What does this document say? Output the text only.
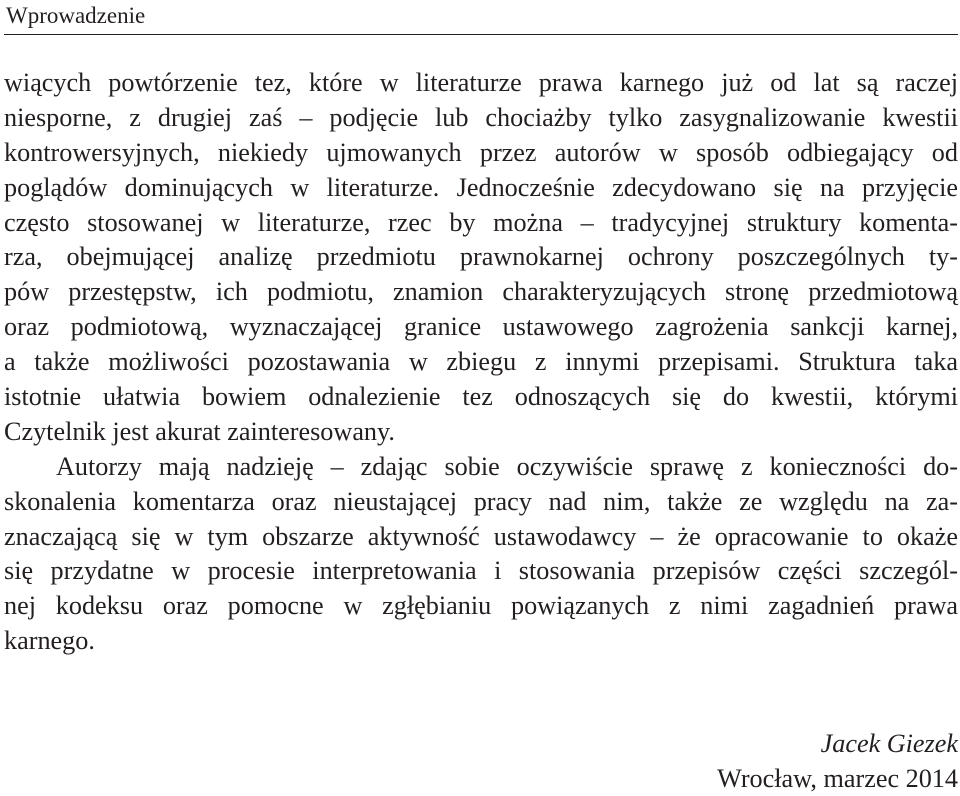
Wprowadzenie
wiących powtórzenie tez, które w literaturze prawa karnego już od lat są raczej
niesporne, z drugiej zaś – podjęcie lub chociażby tylko zasygnalizowanie kwestii
kontrowersyjnych, niekiedy ujmowanych przez autorów w sposób odbiegający od
poglądów dominujących w literaturze. Jednocześnie zdecydowano się na przyjęcie
często stosowanej w literaturze, rzec by można – tradycyjnej struktury komenta-
rza, obejmującej analizę przedmiotu prawnokarnej ochrony poszczególnych ty-
pów przestępstw, ich podmiotu, znamion charakteryzujących stronę przedmiotową
oraz podmiotową, wyznaczającej granice ustawowego zagrożenia sankcji karnej,
a także możliwości pozostawania w zbiegu z innymi przepisami. Struktura taka
istotnie ułatwia bowiem odnalezienie tez odnoszących się do kwestii, którymi
Czytelnik jest akurat zainteresowany.
Autorzy mają nadzieję – zdając sobie oczywiście sprawę z konieczności do-
skonalenia komentarza oraz nieustającej pracy nad nim, także ze względu na za-
znaczającą się w tym obszarze aktywność ustawodawcy – że opracowanie to okaże
się przydatne w procesie interpretowania i stosowania przepisów części szczegól-
nej kodeksu oraz pomocne w zgłębianiu powiązanych z nimi zagadnień prawa
karnego.
Jacek Giezek
Wrocław, marzec 2014
